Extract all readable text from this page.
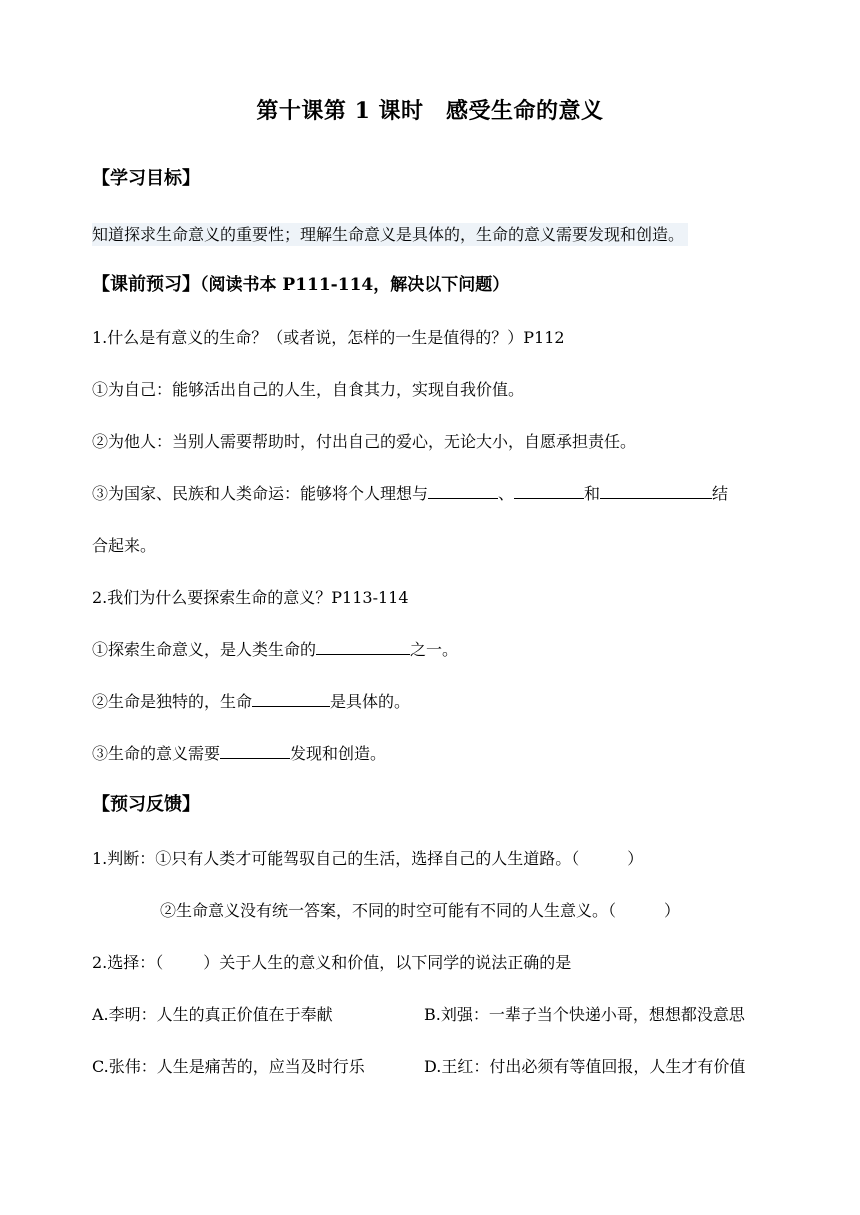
第十课第 1 课时　感受生命的意义
【学习目标】
知道探求生命意义的重要性；理解生命意义是具体的，生命的意义需要发现和创造。
【课前预习】（阅读书本 P111-114，解决以下问题）
1.什么是有意义的生命？（或者说，怎样的一生是值得的？）P112
①为自己：能够活出自己的人生，自食其力，实现自我价值。
②为他人：当别人需要帮助时，付出自己的爱心，无论大小，自愿承担责任。
③为国家、民族和人类命运：能够将个人理想与	、	和	结
合起来。
2.我们为什么要探索生命的意义？P113-114
①探索生命意义，是人类生命的	之一。
②生命是独特的，生命	是具体的。
③生命的意义需要	发现和创造。
【预习反馈】
1.判断：①只有人类才可能驾驭自己的生活，选择自己的人生道路。（	）
②生命意义没有统一答案，不同的时空可能有不同的人生意义。（	）
2.选择：（	）关于人生的意义和价值，以下同学的说法正确的是
A.李明：人生的真正价值在于奉献	B.刘强：一辈子当个快递小哥，想想都没意思
C.张伟：人生是痛苦的，应当及时行乐	D.王红：付出必须有等值回报，人生才有价值
